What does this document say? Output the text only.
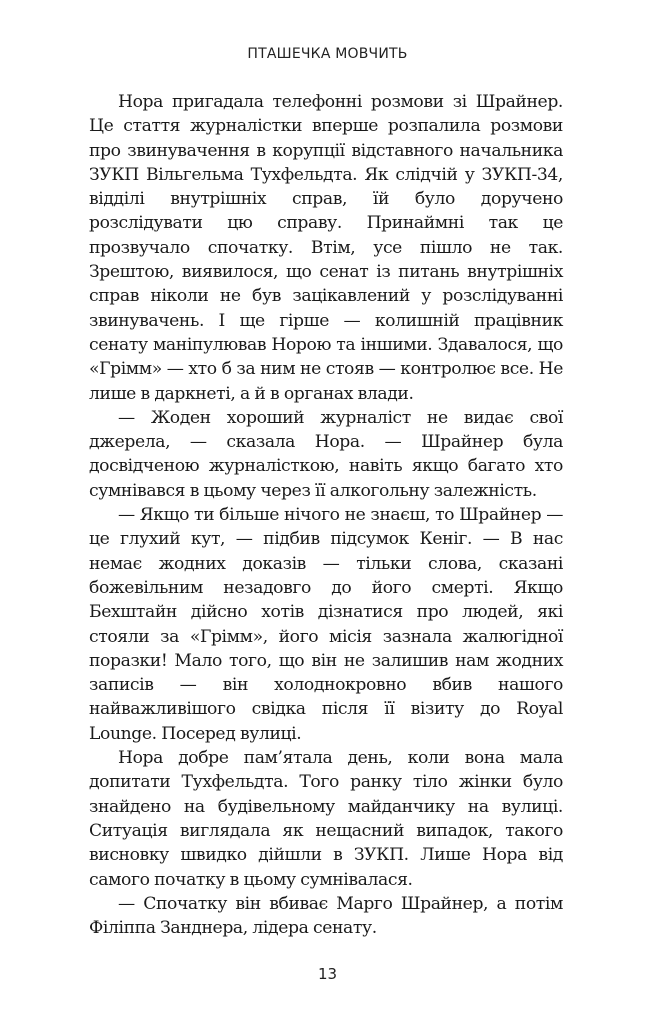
ПТАШЕЧКА МОВЧИТЬ

Нора пригадала телефонні розмови зі Шрайнер. Це стаття журналістки вперше розпалила розмови про звинувачення в корупції відставного начальника ЗУКП Вільгельма Тухфельдта. Як слідчій у ЗУКП-34, відділі внутрішніх справ, їй було доручено розслідувати цю справу. Принаймні так це прозвучало спочатку. Втім, усе пішло не так. Зрештою, виявилося, що сенат із питань внутрішніх справ ніколи не був зацікавлений у розслідуванні звинувачень. І ще гірше — колишній працівник сенату маніпулював Норою та іншими. Здавалося, що «Грімм» — хто б за ним не стояв — контролює все. Не лише в даркнеті, а й в органах влади.

— Жоден хороший журналіст не видає свої джерела, — сказала Нора. — Шрайнер була досвідченою журналісткою, навіть якщо багато хто сумнівався в цьому через її алкогольну залежність.

— Якщо ти більше нічого не знаєш, то Шрайнер — це глухий кут, — підбив підсумок Кеніг. — В нас немає жодних доказів — тільки слова, сказані божевільним незадовго до його смерті. Якщо Бехштайн дійсно хотів дізнатися про людей, які стояли за «Грімм», його місія зазнала жалюгідної поразки! Мало того, що він не залишив нам жодних записів — він холоднокровно вбив нашого найважливішого свідка після її візиту до Royal Lounge. Посеред вулиці.

Нора добре пам’ятала день, коли вона мала допитати Тухфельдта. Того ранку тіло жінки було знайдено на будівельному майданчику на вулиці. Ситуація виглядала як нещасний випадок, такого висновку швидко дійшли в ЗУКП. Лише Нора від самого початку в цьому сумнівалася.

— Спочатку він вбиває Марго Шрайнер, а потім Філіппа Занднера, лідера сенату.

13
